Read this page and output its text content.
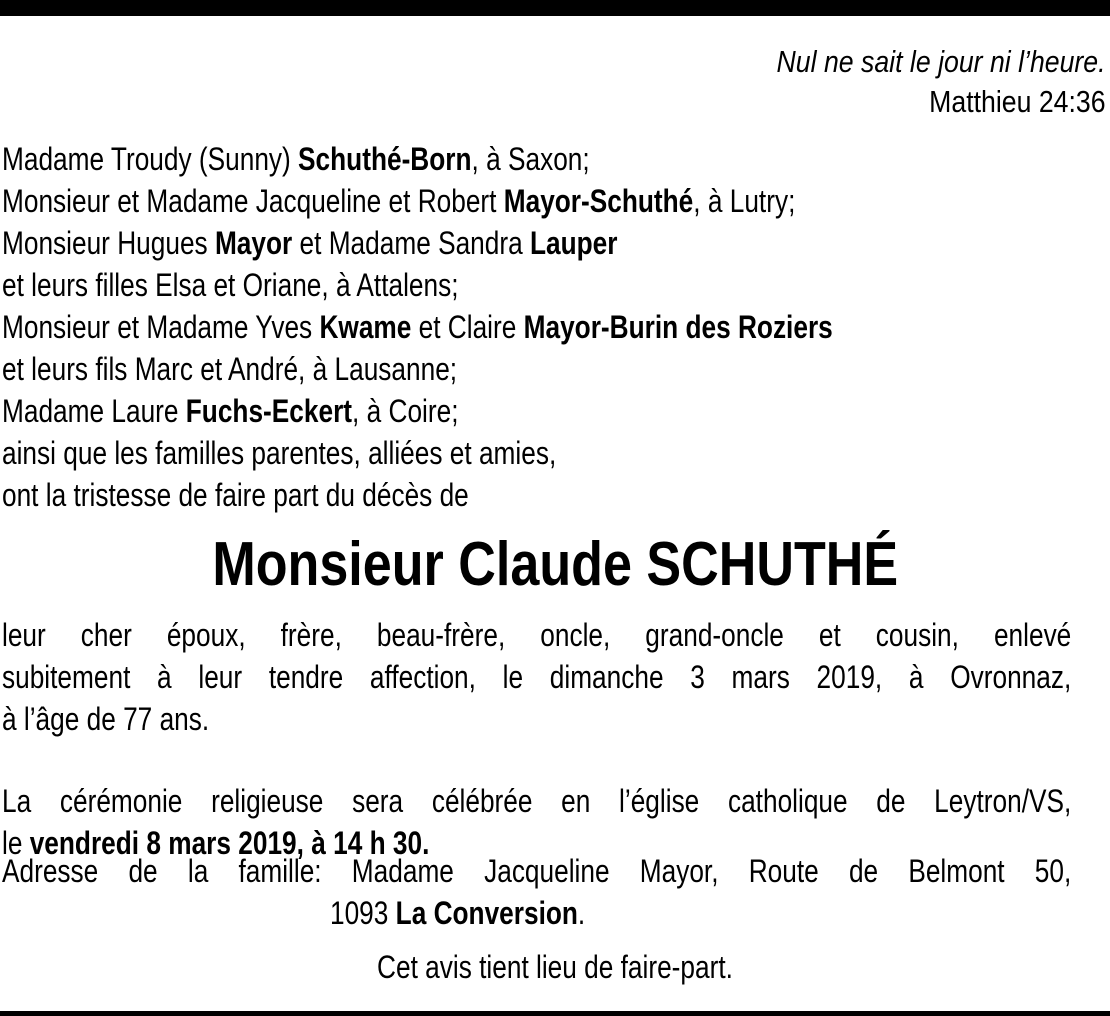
Nul ne sait le jour ni l’heure.
Matthieu 24:36
Madame Troudy (Sunny) Schuthé-Born, à Saxon;
Monsieur et Madame Jacqueline et Robert Mayor-Schuthé, à Lutry;
Monsieur Hugues Mayor et Madame Sandra Lauper
et leurs filles Elsa et Oriane, à Attalens;
Monsieur et Madame Yves Kwame et Claire Mayor-Burin des Roziers
et leurs fils Marc et André, à Lausanne;
Madame Laure Fuchs-Eckert, à Coire;
ainsi que les familles parentes, alliées et amies,
ont la tristesse de faire part du décès de
Monsieur Claude SCHUTHÉ
leur cher époux, frère, beau-frère, oncle, grand-oncle et cousin, enlevé
subitement à leur tendre affection, le dimanche 3 mars 2019, à Ovronnaz,
à l’âge de 77 ans.
La cérémonie religieuse sera célébrée en l’église catholique de Leytron/VS,
le vendredi 8 mars 2019, à 14 h 30.
Adresse de la famille: Madame Jacqueline Mayor, Route de Belmont 50,
1093 La Conversion.
Cet avis tient lieu de faire-part.
